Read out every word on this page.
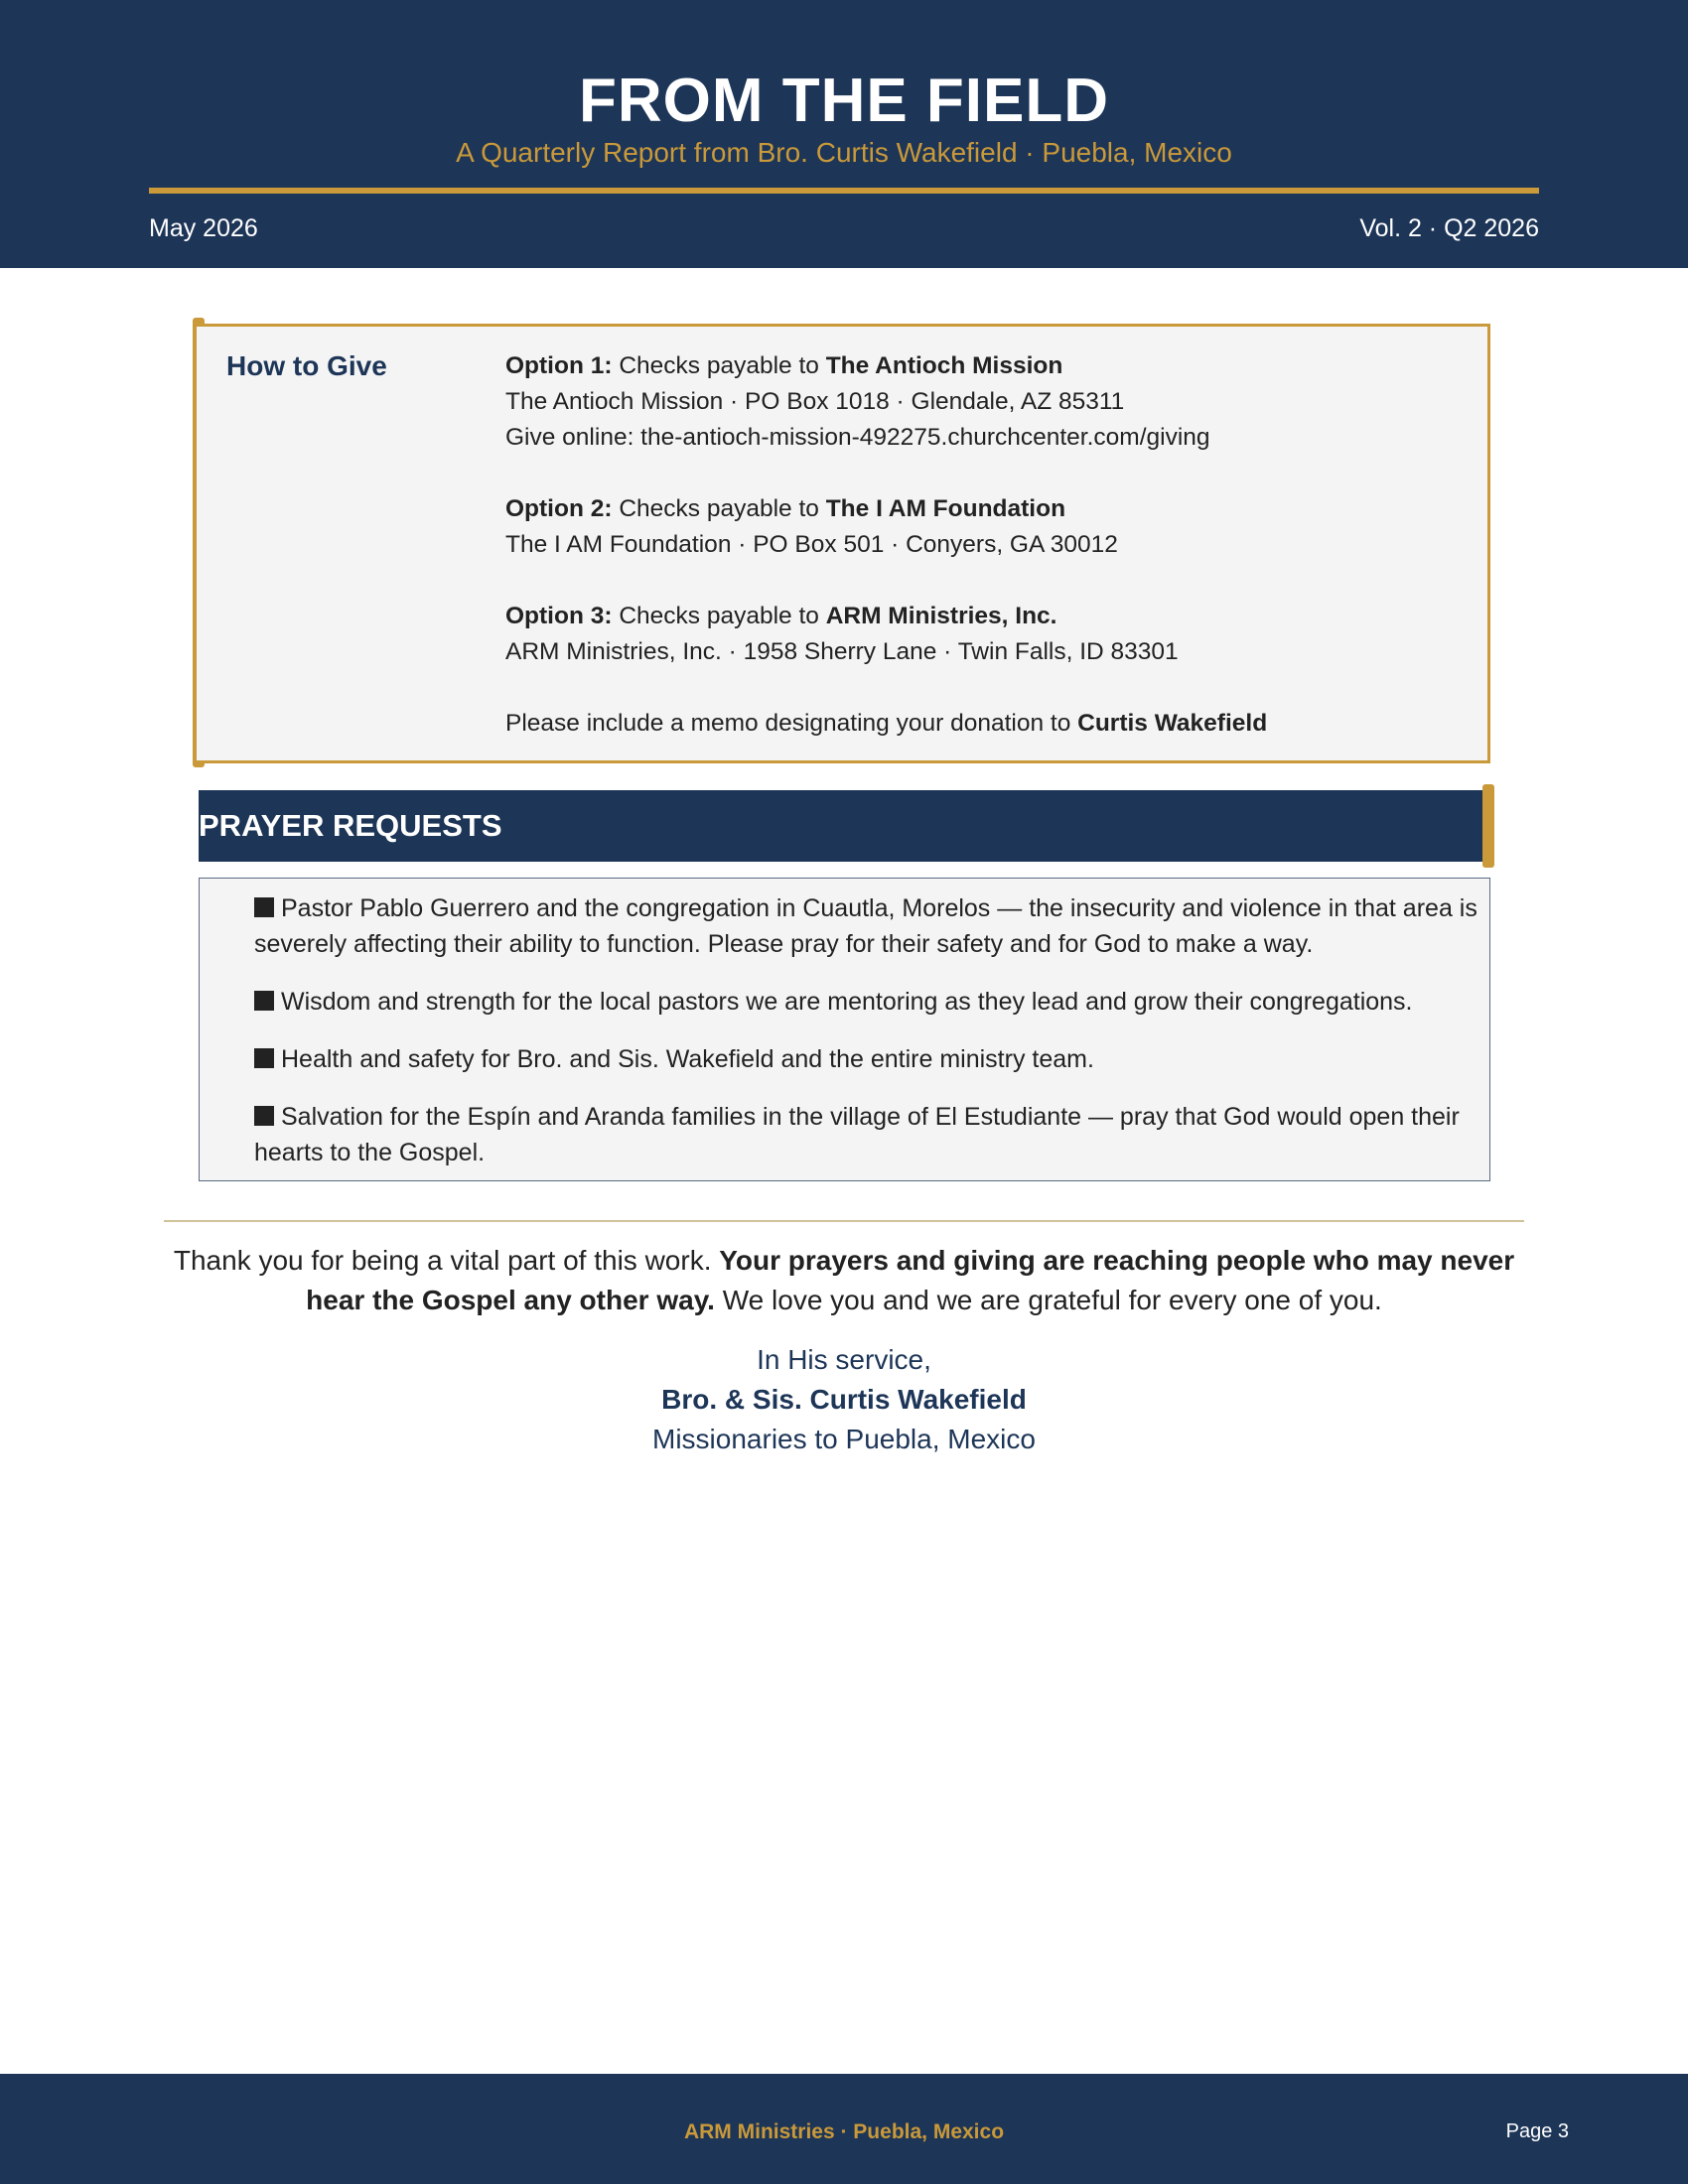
FROM THE FIELD
A Quarterly Report from Bro. Curtis Wakefield · Puebla, Mexico
May 2026	Vol. 2 · Q2 2026
How to Give	Option 1: Checks payable to The Antioch Mission

The Antioch Mission · PO Box 1018 · Glendale, AZ 85311

Give online: the-antioch-mission-492275.churchcenter.com/giving

Option 2: Checks payable to The I AM Foundation

The I AM Foundation · PO Box 501 · Conyers, GA 30012

Option 3: Checks payable to ARM Ministries, Inc.

ARM Ministries, Inc. · 1958 Sherry Lane · Twin Falls, ID 83301

Please include a memo designating your donation to Curtis Wakefield

PRAYER REQUESTS
Pastor Pablo Guerrero and the congregation in Cuautla, Morelos — the insecurity and violence in that area is severely affecting their ability to function. Please pray for their safety and for God to make a way.
Wisdom and strength for the local pastors we are mentoring as they lead and grow their congregations.
Health and safety for Bro. and Sis. Wakefield and the entire ministry team.
Salvation for the Espín and Aranda families in the village of El Estudiante — pray that God would open their hearts to the Gospel.
Thank you for being a vital part of this work. Your prayers and giving are reaching people who may never hear the Gospel any other way. We love you and we are grateful for every one of you.
In His service,
Bro. & Sis. Curtis Wakefield
Missionaries to Puebla, Mexico
ARM Ministries · Puebla, Mexico	Page 3
